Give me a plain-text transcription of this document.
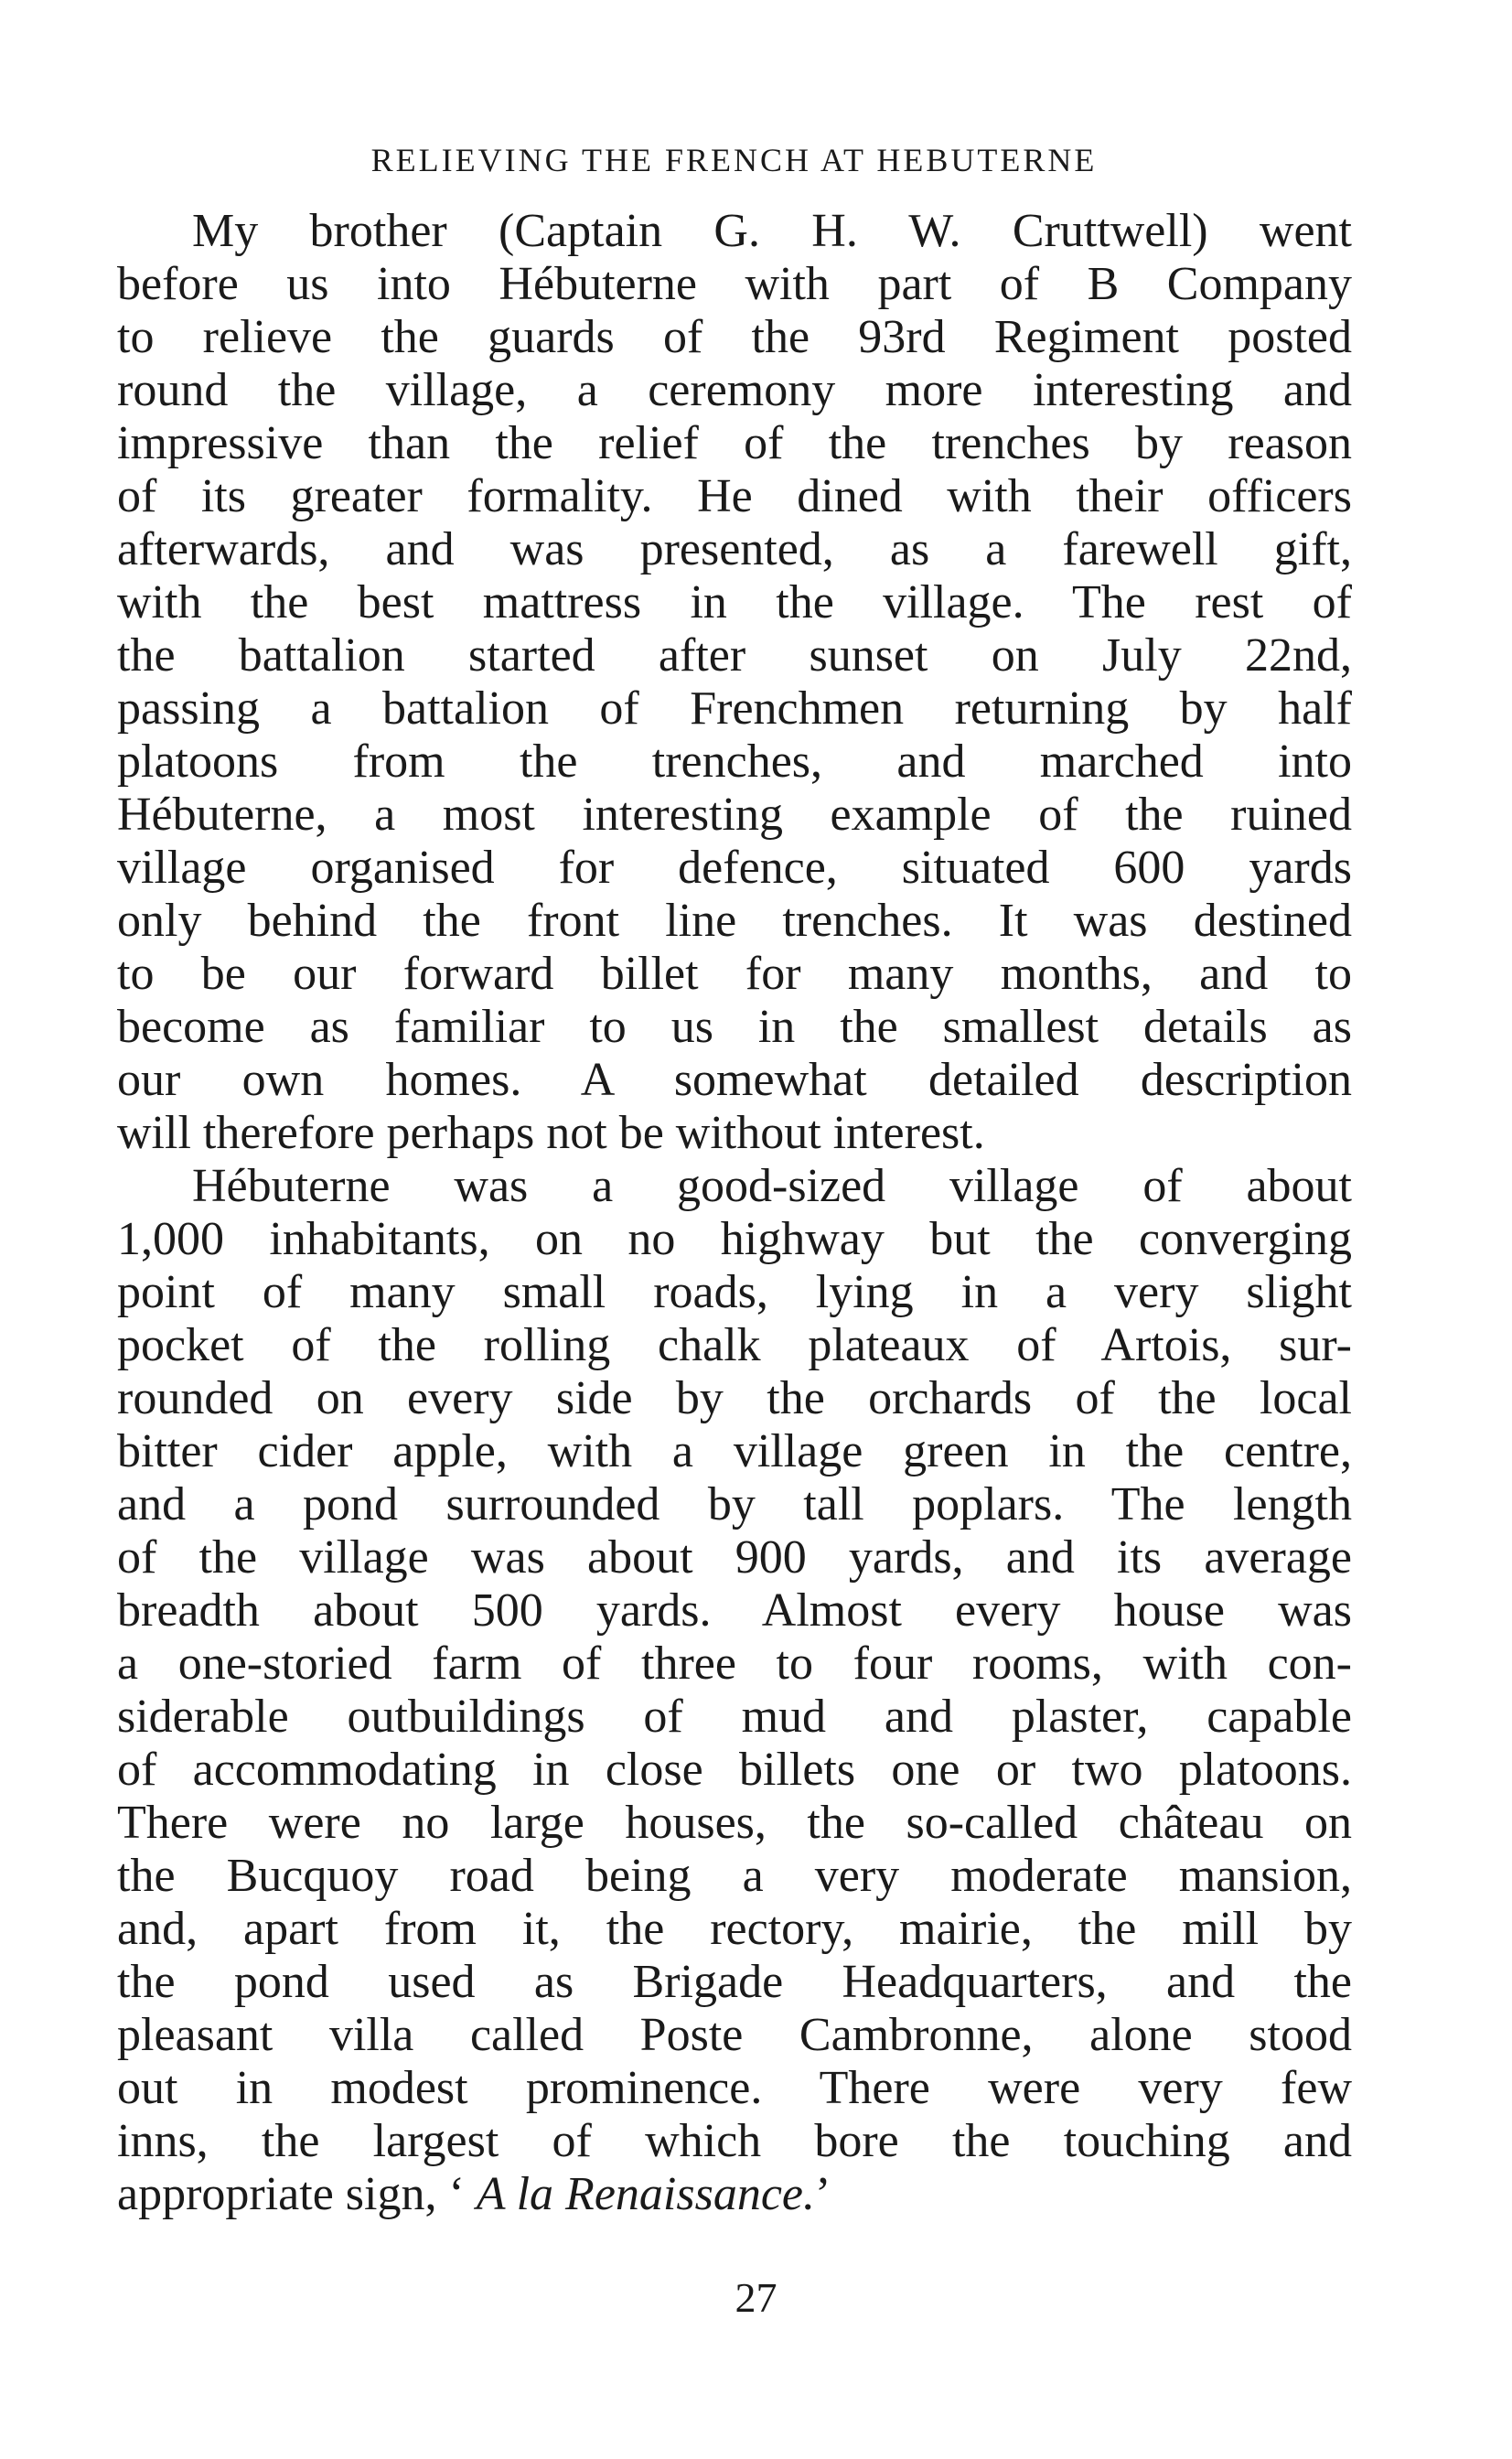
RELIEVING THE FRENCH AT HEBUTERNE
My brother (Captain G. H. W. Cruttwell) went
before us into Hébuterne with part of B Company
to relieve the guards of the 93rd Regiment posted
round the village, a ceremony more interesting and
impressive than the relief of the trenches by reason
of its greater formality. He dined with their officers
afterwards, and was presented, as a farewell gift,
with the best mattress in the village. The rest of
the battalion started after sunset on July 22nd,
passing a battalion of Frenchmen returning by half
platoons from the trenches, and marched into
Hébuterne, a most interesting example of the ruined
village organised for defence, situated 600 yards
only behind the front line trenches. It was destined
to be our forward billet for many months, and to
become as familiar to us in the smallest details as
our own homes. A somewhat detailed description
will therefore perhaps not be without interest.
Hébuterne was a good-sized village of about
1,000 inhabitants, on no highway but the converging
point of many small roads, lying in a very slight
pocket of the rolling chalk plateaux of Artois, sur-
rounded on every side by the orchards of the local
bitter cider apple, with a village green in the centre,
and a pond surrounded by tall poplars. The length
of the village was about 900 yards, and its average
breadth about 500 yards. Almost every house was
a one-storied farm of three to four rooms, with con-
siderable outbuildings of mud and plaster, capable
of accommodating in close billets one or two platoons.
There were no large houses, the so-called château on
the Bucquoy road being a very moderate mansion,
and, apart from it, the rectory, mairie, the mill by
the pond used as Brigade Headquarters, and the
pleasant villa called Poste Cambronne, alone stood
out in modest prominence. There were very few
inns, the largest of which bore the touching and
appropriate sign, ‘ A la Renaissance.’
27
